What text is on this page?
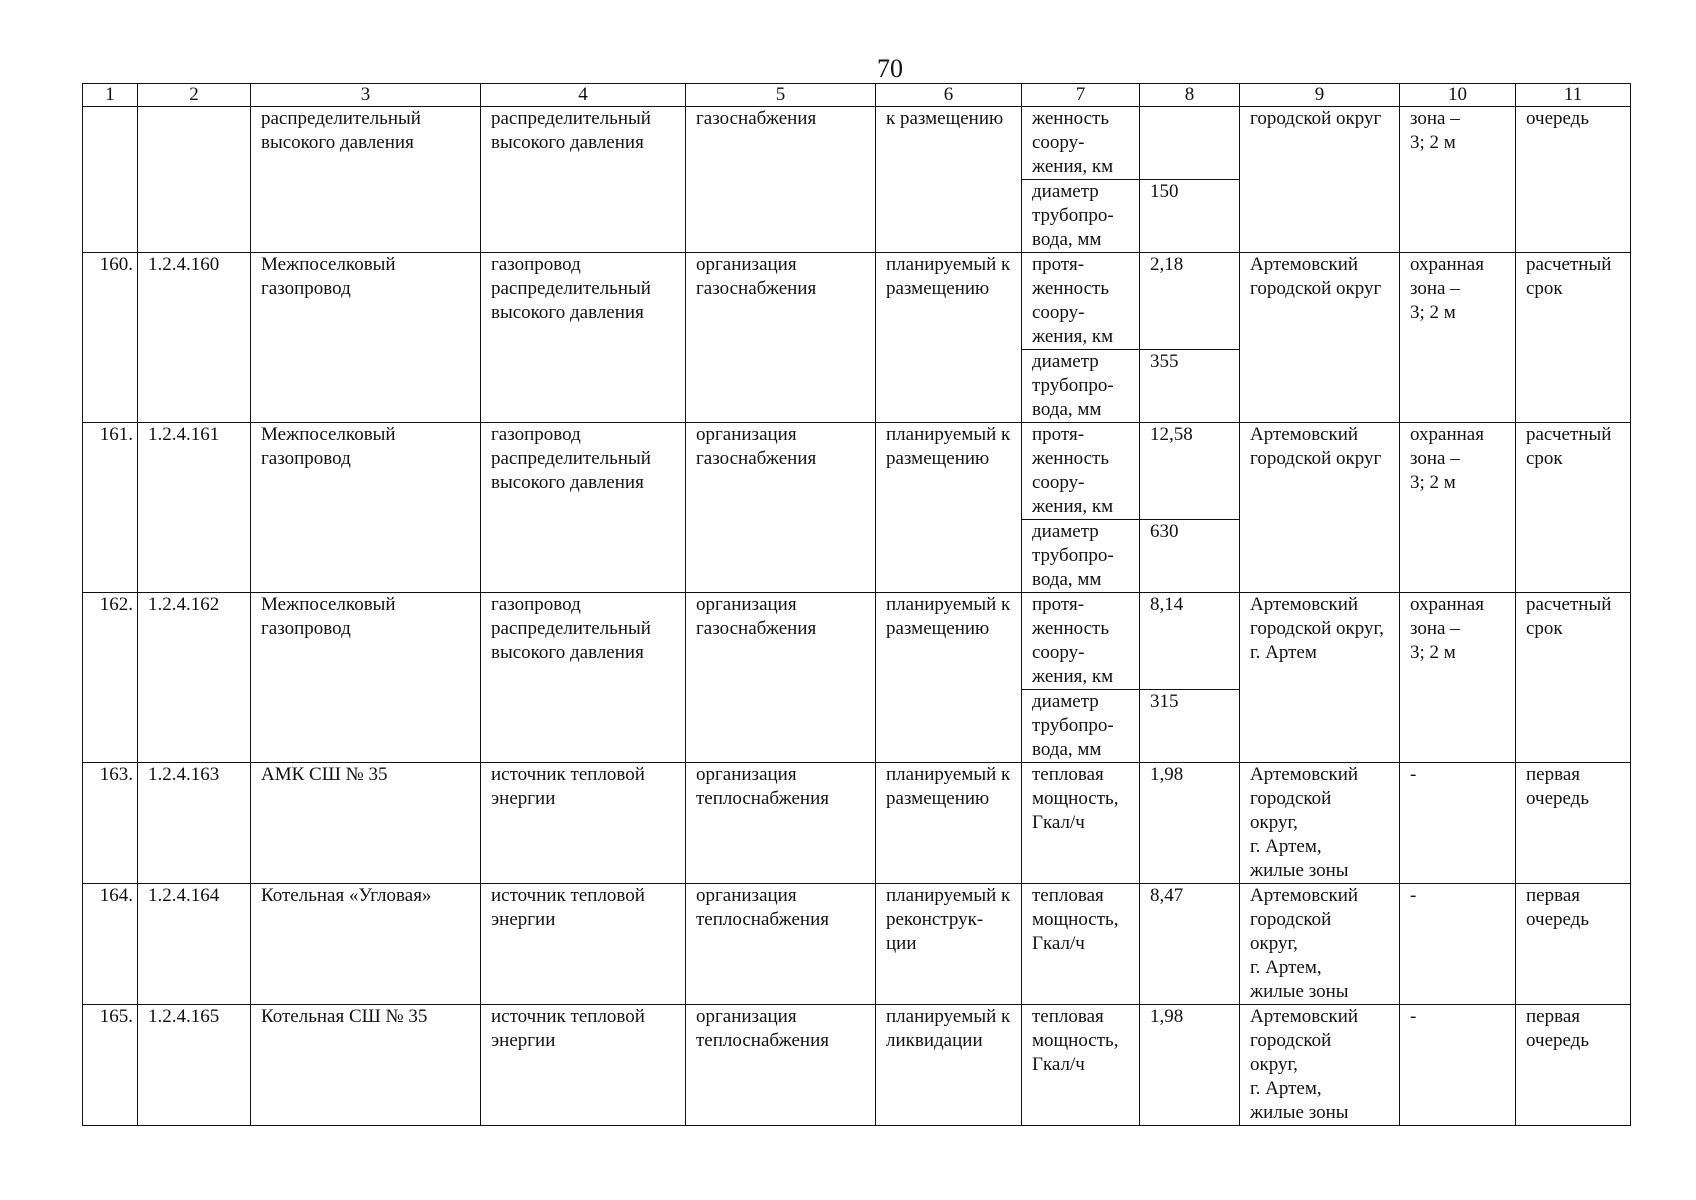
70
1	2	3	4	5	6	7	8	9	10	11
		распределительный высокого давления	распределительный высокого давления	газоснабжения	к размещению	женность соору-
жения, км		городской округ	зона –
3; 2 м	очередь
						диаметр трубопро-
вода, мм	150			
160.	1.2.4.160	Межпоселковый газопровод	газопровод распределительный высокого давления	организация газоснабжения	планируемый к
размещению	протя-
женность
соору-
жения, км	2,18	Артемовский городской округ	охранная
зона –
3; 2 м	расчетный срок
						диаметр
трубопро-
вода, мм	355			
161.	1.2.4.161	Межпоселковый газопровод	газопровод распределительный высокого давления	организация газоснабжения	планируемый к
размещению	протя-
женность
соору-
жения, км	12,58	Артемовский городской округ	охранная
зона –
3; 2 м	расчетный срок
						диаметр
трубопро-
вода, мм	630			
162.	1.2.4.162	Межпоселковый газопровод	газопровод распределительный высокого давления	организация газоснабжения	планируемый к
размещению	протя-
женность
соору-
жения, км	8,14	Артемовский городской округ, г. Артем	охранная
зона –
3; 2 м	расчетный срок
						диаметр
трубопро-
вода, мм	315			
163.	1.2.4.163	АМК СШ № 35	источник тепловой энергии	организация теплоснабжения	планируемый к
размещению	тепловая мощность, Гкал/ч	1,98	Артемовский городской
округ,
г. Артем,
жилые зоны	-	первая очередь
164.	1.2.4.164	Котельная «Угловая»	источник тепловой энергии	организация теплоснабжения	планируемый к реконструк-
ции	тепловая мощность, Гкал/ч	8,47	Артемовский городской
округ,
г. Артем,
жилые зоны	-	первая очередь
165.	1.2.4.165	Котельная СШ № 35	источник тепловой энергии	организация теплоснабжения	планируемый к ликвидации	тепловая мощность, Гкал/ч	1,98	Артемовский городской
округ,
г. Артем,
жилые зоны	-	первая очередь
